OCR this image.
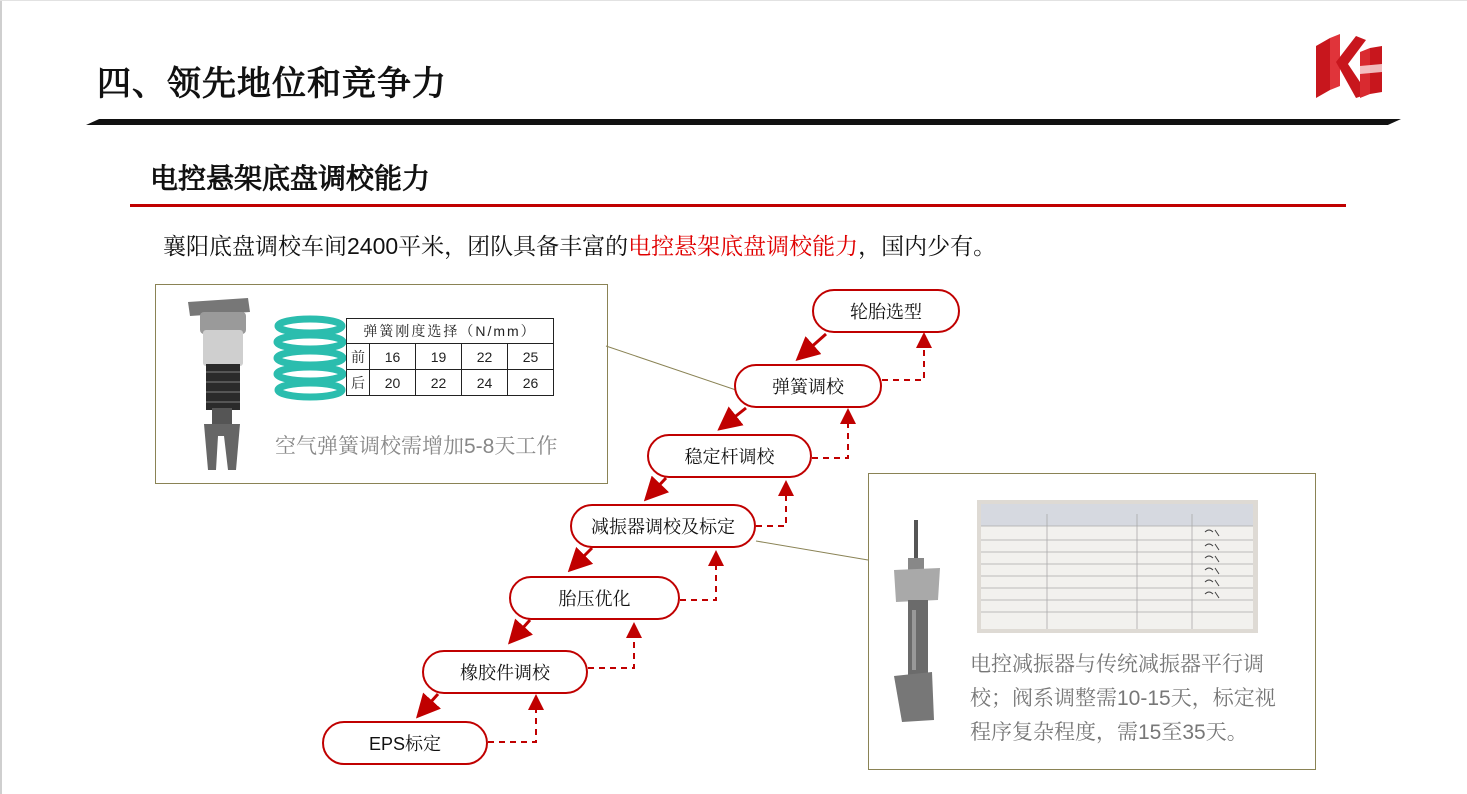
四、领先地位和竞争力
电控悬架底盘调校能力
襄阳底盘调校车间2400平米，团队具备丰富的电控悬架底盘调校能力，国内少有。
弹簧刚度选择（N/mm）				
前	16	19	22	25
后	20	22	24	26
空气弹簧调校需增加5-8天工作
电控减振器与传统减振器平行调校；阀系调整需10-15天，标定视程序复杂程度，需15至35天。
轮胎选型
弹簧调校
稳定杆调校
减振器调校及标定
胎压优化
橡胶件调校
EPS标定
